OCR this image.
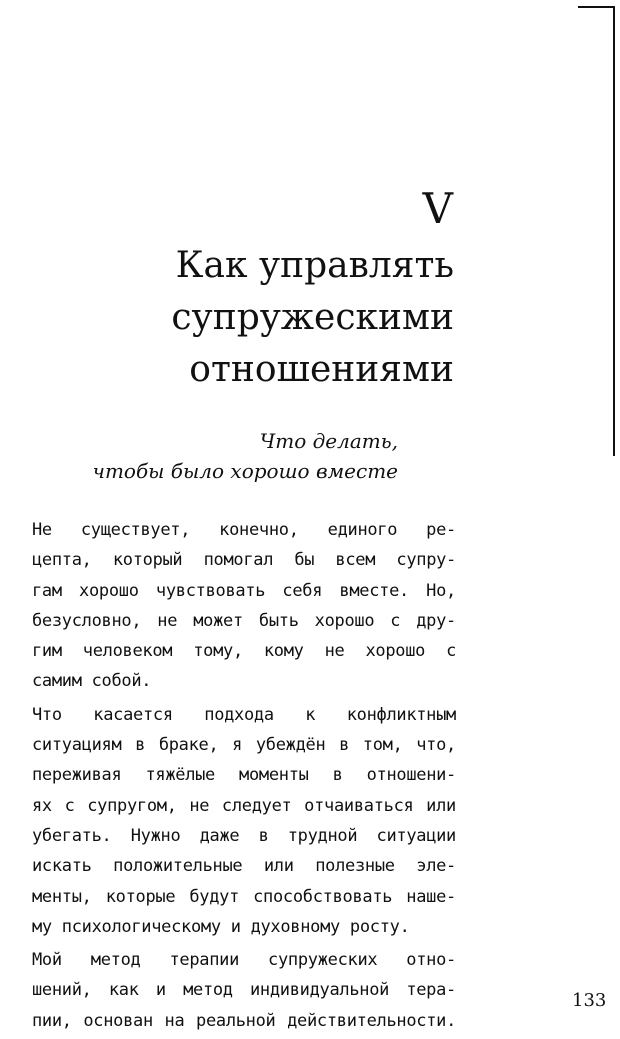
V
Как управлять
супружескими
отношениями
Что делать,
чтобы было хорошо вместе
Не существует, конечно, единого ре-
цепта, который помогал бы всем супру-
гам хорошо чувствовать себя вместе. Но,
безусловно, не может быть хорошо с дру-
гим человеком тому, кому не хорошо с
самим собой.
Что касается подхода к конфликтным
ситуациям в браке, я убеждён в том, что,
переживая тяжёлые моменты в отношени-
ях с супругом, не следует отчаиваться или
убегать. Нужно даже в трудной ситуации
искать положительные или полезные эле-
менты, которые будут способствовать наше-
му психологическому и духовному росту.
Мой метод терапии супружеских отно-
шений, как и метод индивидуальной тера-
пии, основан на реальной действительности.
133
